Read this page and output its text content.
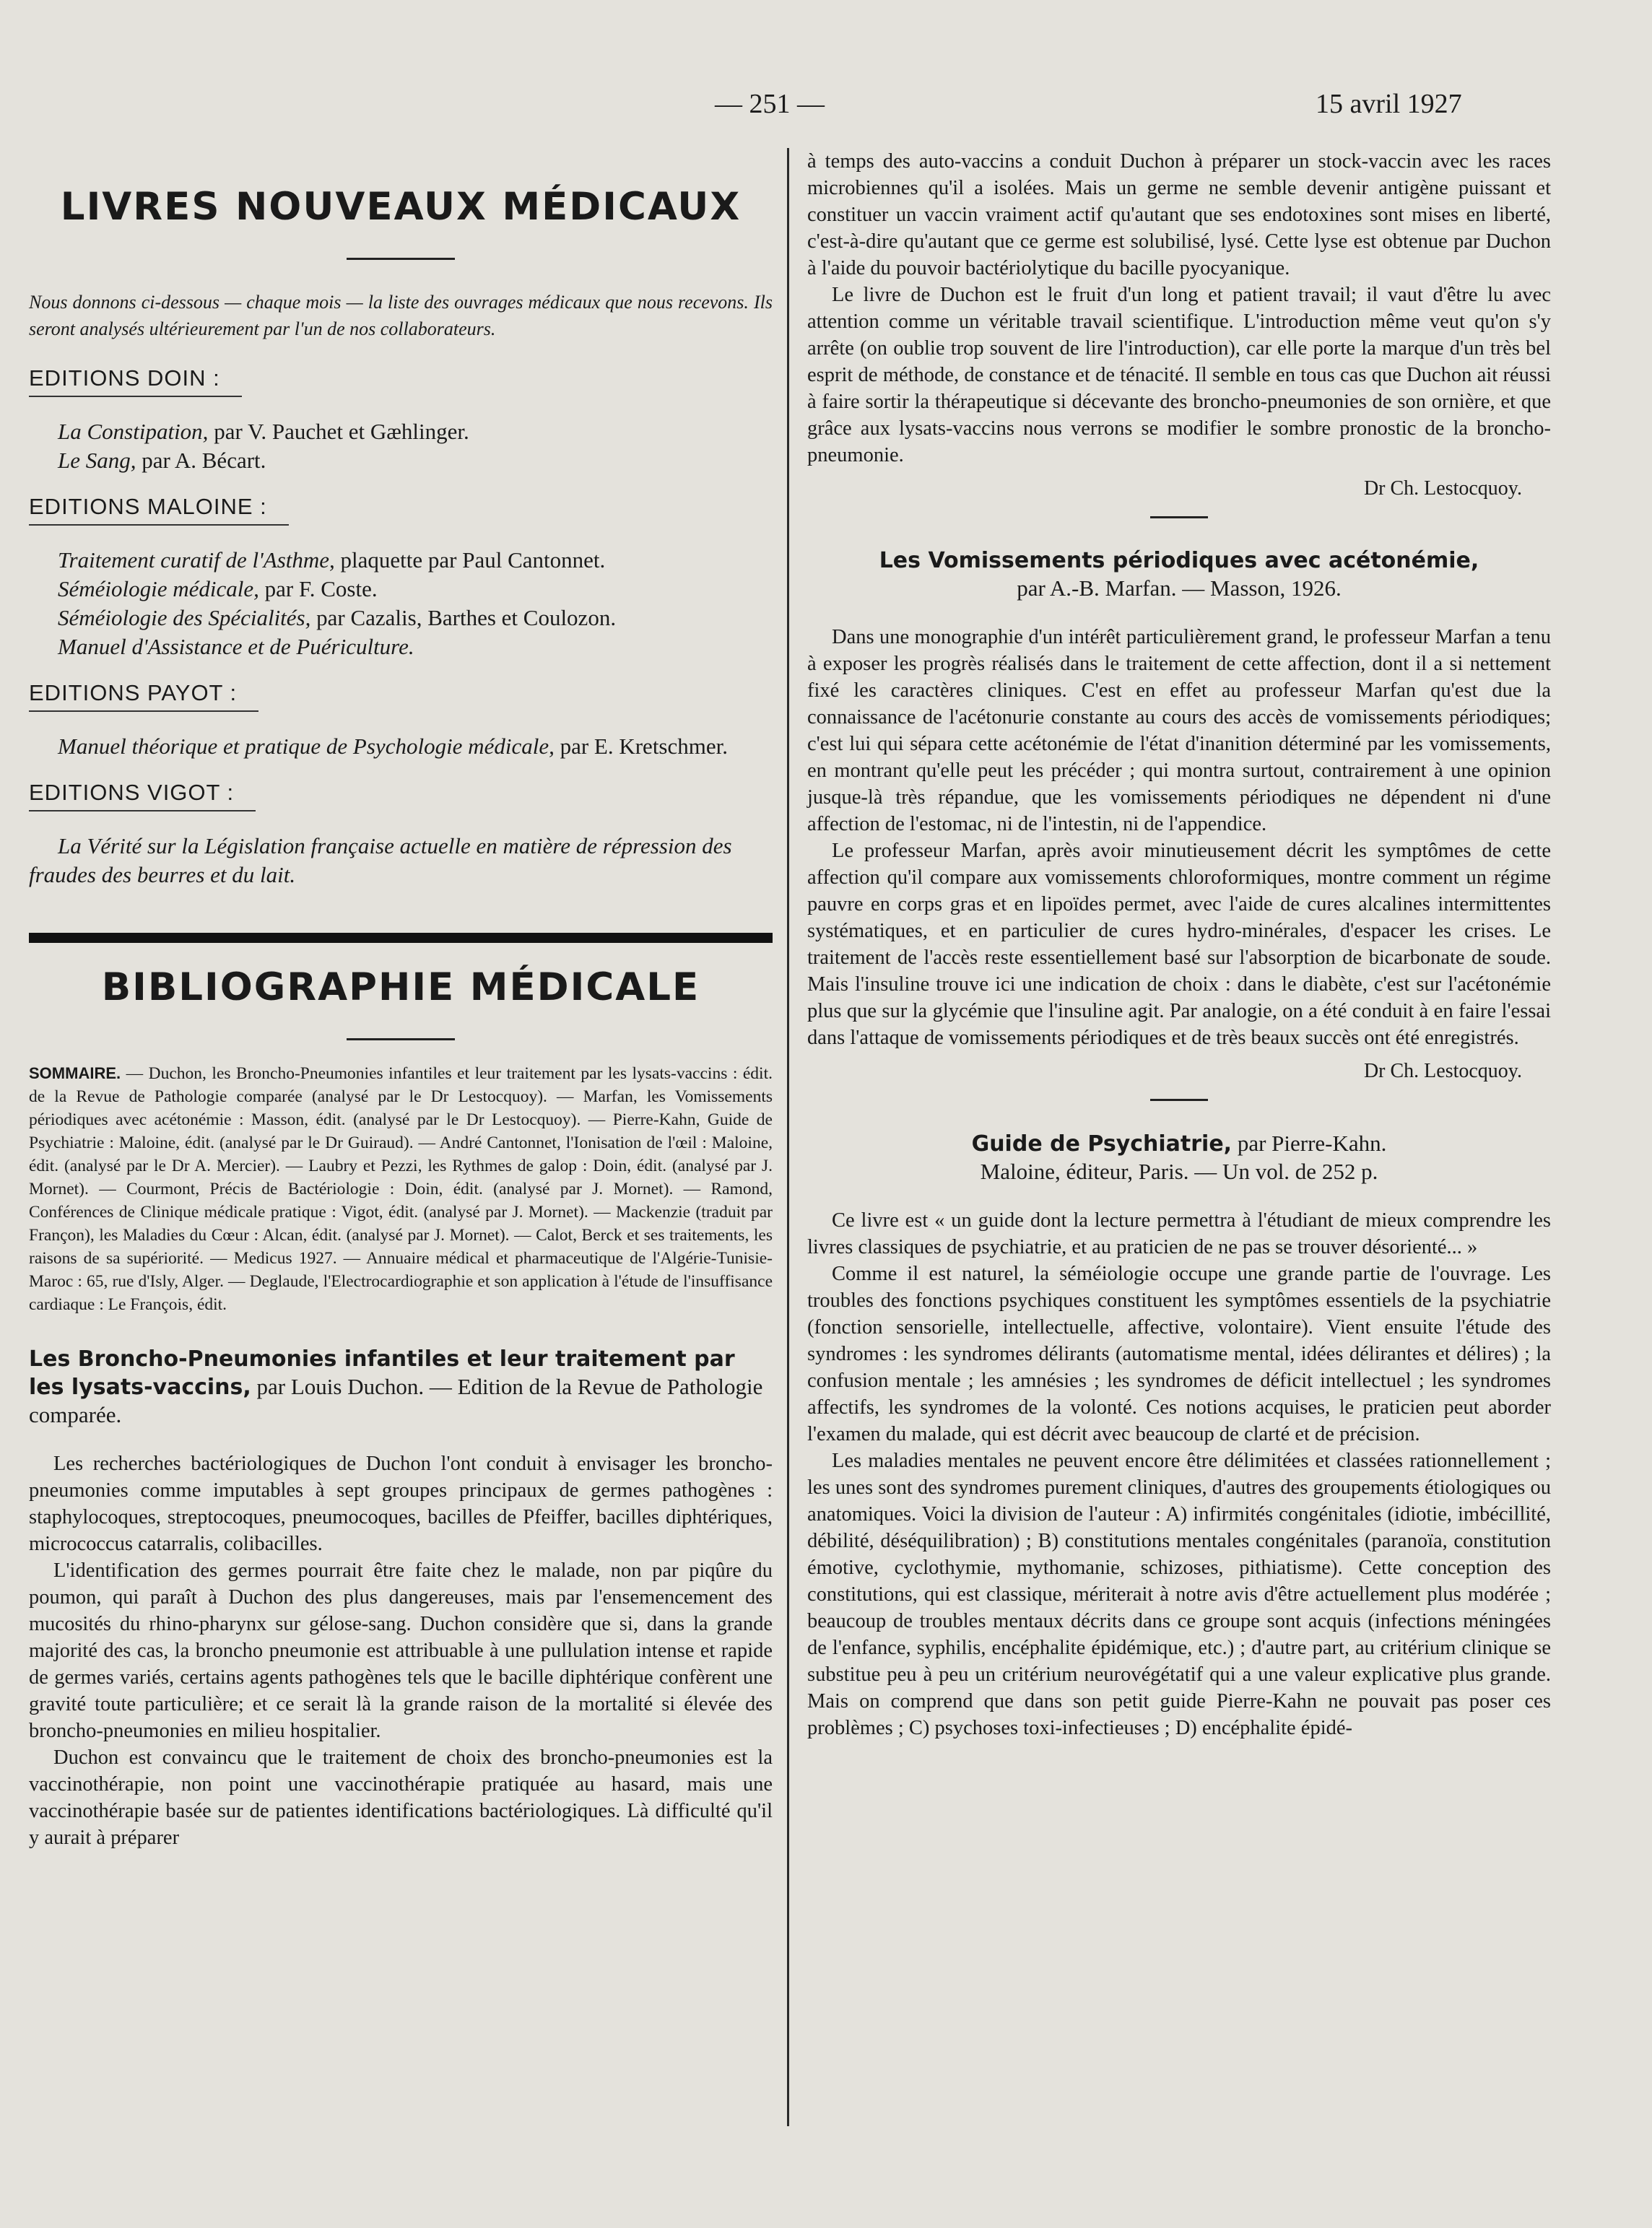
— 251 —	15 avril 1927
LIVRES NOUVEAUX MÉDICAUX

Nous donnons ci-dessous — chaque mois — la liste des ouvrages médicaux que nous recevons. Ils seront analysés ultérieurement par l'un de nos collaborateurs.

EDITIONS DOIN :

La Constipation, par V. Pauchet et Gæhlinger.

Le Sang, par A. Bécart.

EDITIONS MALOINE :

Traitement curatif de l'Asthme, plaquette par Paul Cantonnet.

Séméiologie médicale, par F. Coste.

Séméiologie des Spécialités, par Cazalis, Barthes et Coulozon.

Manuel d'Assistance et de Puériculture.

EDITIONS PAYOT :

Manuel théorique et pratique de Psychologie médicale, par E. Kretschmer.

EDITIONS VIGOT :

La Vérité sur la Législation française actuelle en matière de répression des fraudes des beurres et du lait.

BIBLIOGRAPHIE MÉDICALE

SOMMAIRE. — Duchon, les Broncho-Pneumonies infantiles et leur traitement par les lysats-vaccins : édit. de la Revue de Pathologie comparée (analysé par le Dr Lestocquoy). — Marfan, les Vomissements périodiques avec acétonémie : Masson, édit. (analysé par le Dr Lestocquoy). — Pierre-Kahn, Guide de Psychiatrie : Maloine, édit. (analysé par le Dr Guiraud). — André Cantonnet, l'Ionisation de l'œil : Maloine, édit. (analysé par le Dr A. Mercier). — Laubry et Pezzi, les Rythmes de galop : Doin, édit. (analysé par J. Mornet). — Courmont, Précis de Bactériologie : Doin, édit. (analysé par J. Mornet). — Ramond, Conférences de Clinique médicale pratique : Vigot, édit. (analysé par J. Mornet). — Mackenzie (traduit par Françon), les Maladies du Cœur : Alcan, édit. (analysé par J. Mornet). — Calot, Berck et ses traitements, les raisons de sa supériorité. — Medicus 1927. — Annuaire médical et pharmaceutique de l'Algérie-Tunisie-Maroc : 65, rue d'Isly, Alger. — Deglaude, l'Electrocardiographie et son application à l'étude de l'insuffisance cardiaque : Le François, édit.

Les Broncho-Pneumonies infantiles et leur traitement par les lysats-vaccins, par Louis Duchon. — Edition de la Revue de Pathologie comparée.

Les recherches bactériologiques de Duchon l'ont conduit à envisager les broncho-pneumonies comme imputables à sept groupes principaux de germes pathogènes : staphylocoques, streptocoques, pneumocoques, bacilles de Pfeiffer, bacilles diphtériques, micrococcus catarralis, colibacilles.

L'identification des germes pourrait être faite chez le malade, non par piqûre du poumon, qui paraît à Duchon des plus dangereuses, mais par l'ensemencement des mucosités du rhino-pharynx sur gélose-sang. Duchon considère que si, dans la grande majorité des cas, la broncho pneumonie est attribuable à une pullulation intense et rapide de germes variés, certains agents pathogènes tels que le bacille diphtérique confèrent une gravité toute particulière; et ce serait là la grande raison de la mortalité si élevée des broncho-pneumonies en milieu hospitalier.

Duchon est convaincu que le traitement de choix des broncho-pneumonies est la vaccinothérapie, non point une vaccinothérapie pratiquée au hasard, mais une vaccinothérapie basée sur de patientes identifications bactériologiques. Là difficulté qu'il y aurait à préparer

à temps des auto-vaccins a conduit Duchon à préparer un stock-vaccin avec les races microbiennes qu'il a isolées. Mais un germe ne semble devenir antigène puissant et constituer un vaccin vraiment actif qu'autant que ses endotoxines sont mises en liberté, c'est-à-dire qu'autant que ce germe est solubilisé, lysé. Cette lyse est obtenue par Duchon à l'aide du pouvoir bactériolytique du bacille pyocyanique.

Le livre de Duchon est le fruit d'un long et patient travail; il vaut d'être lu avec attention comme un véritable travail scientifique. L'introduction même veut qu'on s'y arrête (on oublie trop souvent de lire l'introduction), car elle porte la marque d'un très bel esprit de méthode, de constance et de ténacité. Il semble en tous cas que Duchon ait réussi à faire sortir la thérapeutique si décevante des broncho-pneumonies de son ornière, et que grâce aux lysats-vaccins nous verrons se modifier le sombre pronostic de la broncho-pneumonie.

Dr Ch. Lestocquoy.

Les Vomissements périodiques avec acétonémie,
par A.-B. Marfan. — Masson, 1926.

Dans une monographie d'un intérêt particulièrement grand, le professeur Marfan a tenu à exposer les progrès réalisés dans le traitement de cette affection, dont il a si nettement fixé les caractères cliniques. C'est en effet au professeur Marfan qu'est due la connaissance de l'acétonurie constante au cours des accès de vomissements périodiques; c'est lui qui sépara cette acétonémie de l'état d'inanition déterminé par les vomissements, en montrant qu'elle peut les précéder ; qui montra surtout, contrairement à une opinion jusque-là très répandue, que les vomissements périodiques ne dépendent ni d'une affection de l'estomac, ni de l'intestin, ni de l'appendice.

Le professeur Marfan, après avoir minutieusement décrit les symptômes de cette affection qu'il compare aux vomissements chloroformiques, montre comment un régime pauvre en corps gras et en lipoïdes permet, avec l'aide de cures alcalines intermittentes systématiques, et en particulier de cures hydro-minérales, d'espacer les crises. Le traitement de l'accès reste essentiellement basé sur l'absorption de bicarbonate de soude. Mais l'insuline trouve ici une indication de choix : dans le diabète, c'est sur l'acétonémie plus que sur la glycémie que l'insuline agit. Par analogie, on a été conduit à en faire l'essai dans l'attaque de vomissements périodiques et de très beaux succès ont été enregistrés.

Dr Ch. Lestocquoy.

Guide de Psychiatrie, par Pierre-Kahn.
Maloine, éditeur, Paris. — Un vol. de 252 p.

Ce livre est « un guide dont la lecture permettra à l'étudiant de mieux comprendre les livres classiques de psychiatrie, et au praticien de ne pas se trouver désorienté... »

Comme il est naturel, la séméiologie occupe une grande partie de l'ouvrage. Les troubles des fonctions psychiques constituent les symptômes essentiels de la psychiatrie (fonction sensorielle, intellectuelle, affective, volontaire). Vient ensuite l'étude des syndromes : les syndromes délirants (automatisme mental, idées délirantes et délires) ; la confusion mentale ; les amnésies ; les syndromes de déficit intellectuel ; les syndromes affectifs, les syndromes de la volonté. Ces notions acquises, le praticien peut aborder l'examen du malade, qui est décrit avec beaucoup de clarté et de précision.

Les maladies mentales ne peuvent encore être délimitées et classées rationnellement ; les unes sont des syndromes purement cliniques, d'autres des groupements étiologiques ou anatomiques. Voici la division de l'auteur : A) infirmités congénitales (idiotie, imbécillité, débilité, déséquilibration) ; B) constitutions mentales congénitales (paranoïa, constitution émotive, cyclothymie, mythomanie, schizoses, pithiatisme). Cette conception des constitutions, qui est classique, mériterait à notre avis d'être actuellement plus modérée ; beaucoup de troubles mentaux décrits dans ce groupe sont acquis (infections méningées de l'enfance, syphilis, encéphalite épidémique, etc.) ; d'autre part, au critérium clinique se substitue peu à peu un critérium neurovégétatif qui a une valeur explicative plus grande. Mais on comprend que dans son petit guide Pierre-Kahn ne pouvait pas poser ces problèmes ; C) psychoses toxi-infectieuses ; D) encéphalite épidé-
